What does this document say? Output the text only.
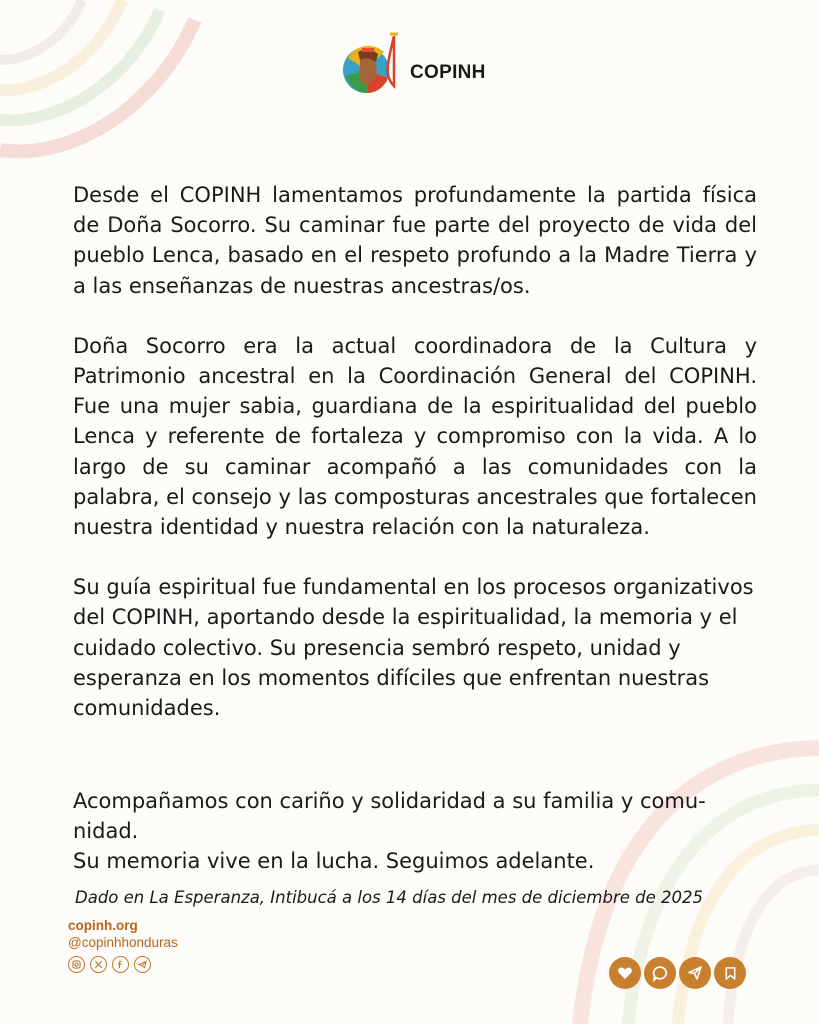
COPINH

Desde el COPINH lamentamos profundamente la partida física de Doña Socorro. Su caminar fue parte del proyecto de vida del pueblo Lenca, basado en el respeto profundo a la Madre Tierra y a las enseñanzas de nuestras ancestras/os.

Doña Socorro era la actual coordinadora de la Cultura y Patrimonio ancestral en la Coordinación General del COPINH. Fue una mujer sabia, guardiana de la espiritualidad del pueblo Lenca y referente de fortaleza y compromiso con la vida. A lo largo de su caminar acompañó a las comunidades con la palabra, el consejo y las composturas ancestrales que fortalecen nuestra identidad y nuestra relación con la naturaleza.

Su guía espiritual fue fundamental en los procesos organizativos del COPINH, aportando desde la espiritualidad, la memoria y el cuidado colectivo. Su presencia sembró respeto, unidad y esperanza en los momentos difíciles que enfrentan nuestras comunidades.

Acompañamos con cariño y solidaridad a su familia y comu-
nidad.
Su memoria vive en la lucha. Seguimos adelante.
Dado en La Esperanza, Intibucá a los 14 días del mes de diciembre de 2025
copinh.org
@copinhhonduras
